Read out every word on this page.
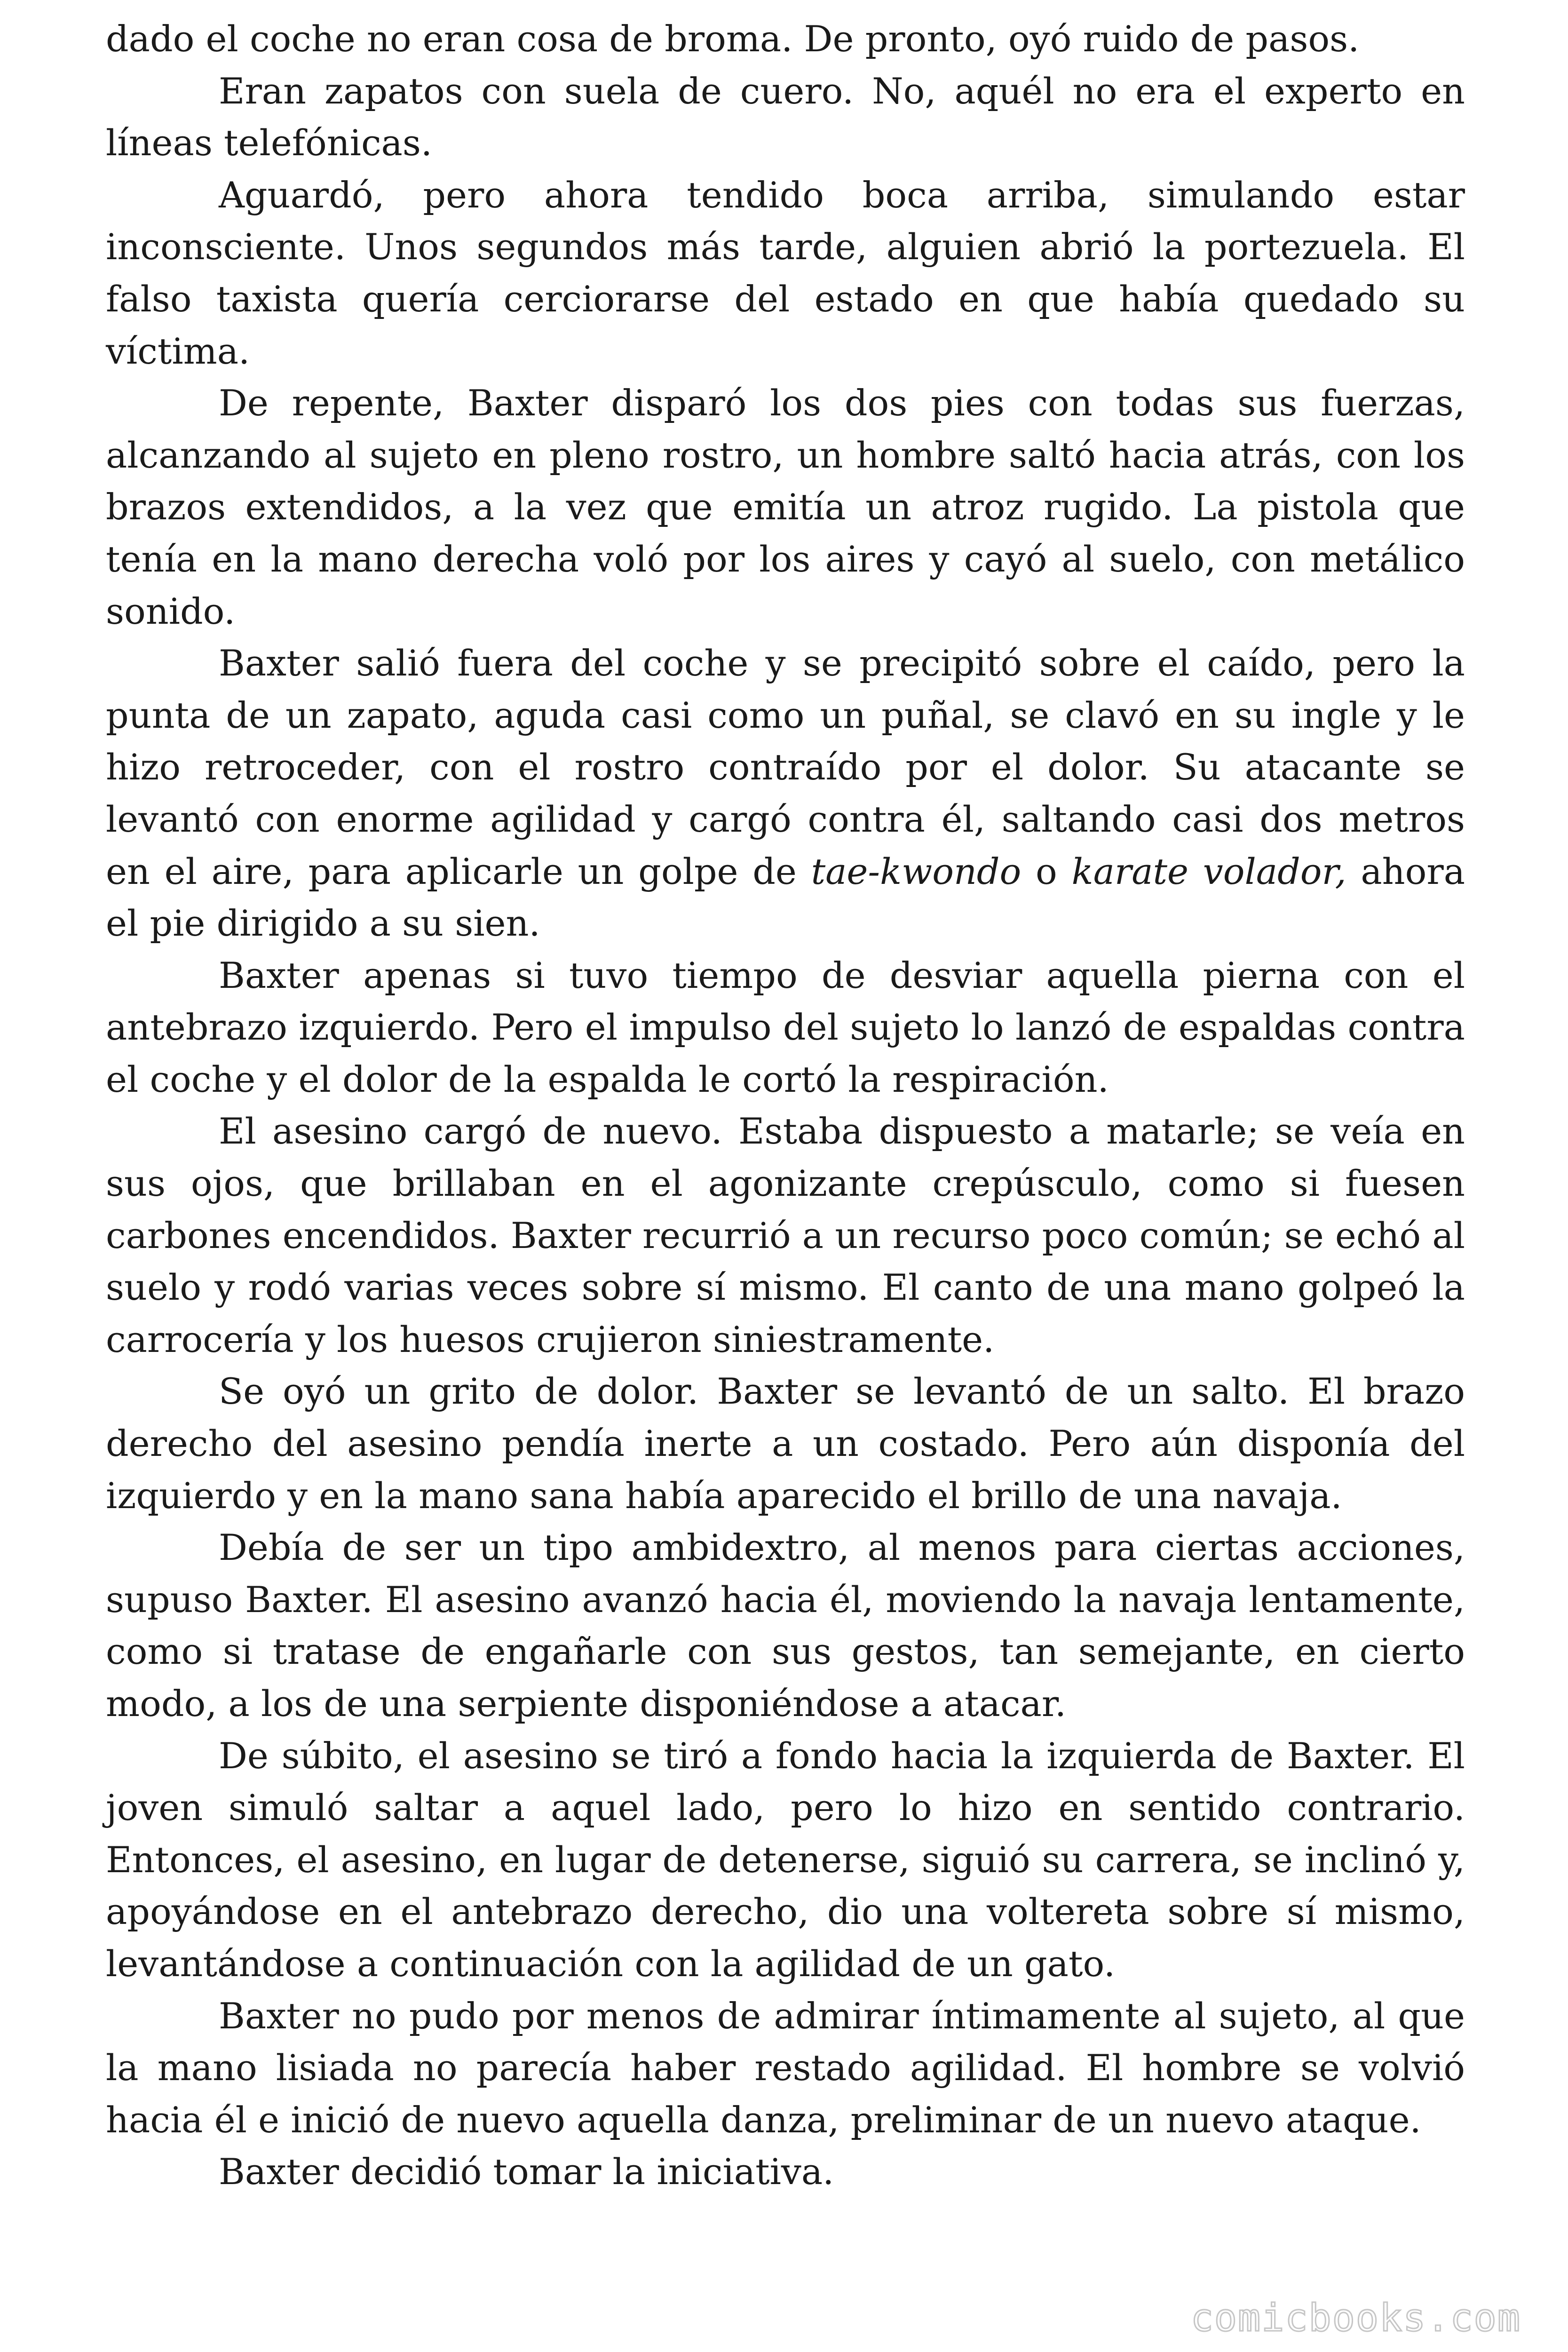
dado el coche no eran cosa de broma. De pronto, oyó ruido de pasos.

Eran zapatos con suela de cuero. No, aquél no era el experto en líneas telefónicas.

Aguardó, pero ahora tendido boca arriba, simulando estar inconsciente. Unos segundos más tarde, alguien abrió la portezuela. El falso taxista quería cerciorarse del estado en que había quedado su víctima.

De repente, Baxter disparó los dos pies con todas sus fuerzas, alcanzando al sujeto en pleno rostro, un hombre saltó hacia atrás, con los brazos extendidos, a la vez que emitía un atroz rugido. La pistola que tenía en la mano derecha voló por los aires y cayó al suelo, con metálico sonido.

Baxter salió fuera del coche y se precipitó sobre el caído, pero la punta de un zapato, aguda casi como un puñal, se clavó en su ingle y le hizo retroceder, con el rostro contraído por el dolor. Su atacante se levantó con enorme agilidad y cargó contra él, saltando casi dos metros en el aire, para aplicarle un golpe de tae-kwondo o karate volador, ahora el pie dirigido a su sien.

Baxter apenas si tuvo tiempo de desviar aquella pierna con el antebrazo izquierdo. Pero el impulso del sujeto lo lanzó de espaldas contra el coche y el dolor de la espalda le cortó la respiración.

El asesino cargó de nuevo. Estaba dispuesto a matarle; se veía en sus ojos, que brillaban en el agonizante crepúsculo, como si fuesen carbones encendidos. Baxter recurrió a un recurso poco común; se echó al suelo y rodó varias veces sobre sí mismo. El canto de una mano golpeó la carrocería y los huesos crujieron siniestramente.

Se oyó un grito de dolor. Baxter se levantó de un salto. El brazo derecho del asesino pendía inerte a un costado. Pero aún disponía del izquierdo y en la mano sana había aparecido el brillo de una navaja.

Debía de ser un tipo ambidextro, al menos para ciertas acciones, supuso Baxter. El asesino avanzó hacia él, moviendo la navaja lentamente, como si tratase de engañarle con sus gestos, tan semejante, en cierto modo, a los de una serpiente disponiéndose a atacar.

De súbito, el asesino se tiró a fondo hacia la izquierda de Baxter. El joven simuló saltar a aquel lado, pero lo hizo en sentido contrario. Entonces, el asesino, en lugar de detenerse, siguió su carrera, se inclinó y, apoyándose en el antebrazo derecho, dio una voltereta sobre sí mismo, levantándose a continuación con la agilidad de un gato.

Baxter no pudo por menos de admirar íntimamente al sujeto, al que la mano lisiada no parecía haber restado agilidad. El hombre se volvió hacia él e inició de nuevo aquella danza, preliminar de un nuevo ataque.

Baxter decidió tomar la iniciativa.

comicbooks.com
